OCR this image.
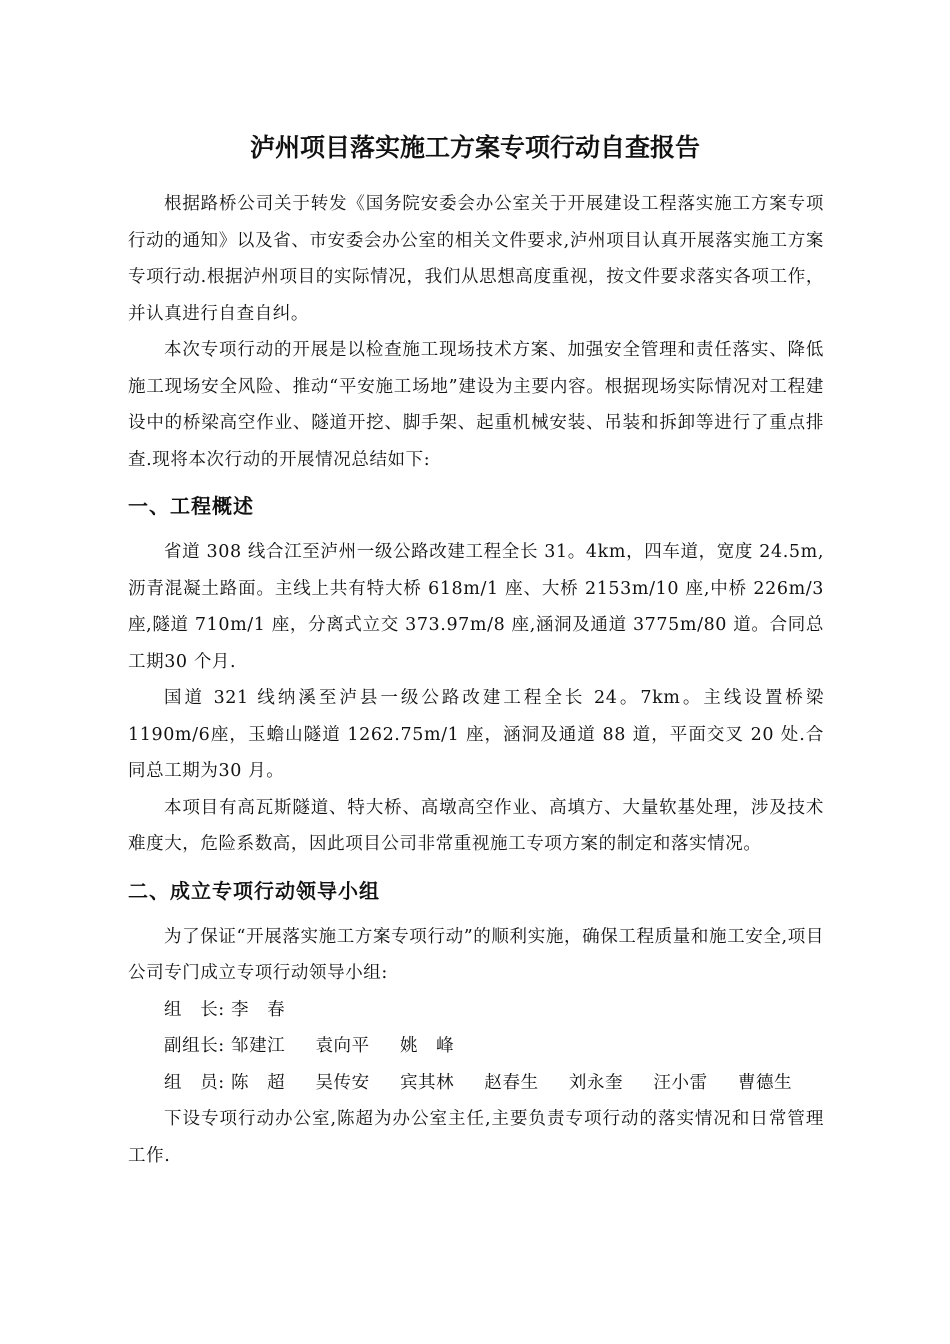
泸州项目落实施工方案专项行动自查报告

根据路桥公司关于转发《国务院安委会办公室关于开展建设工程落实施工方案专项行动的通知》以及省、市安委会办公室的相关文件要求,泸州项目认真开展落实施工方案专项行动.根据泸州项目的实际情况，我们从思想高度重视，按文件要求落实各项工作，并认真进行自查自纠。

本次专项行动的开展是以检查施工现场技术方案、加强安全管理和责任落实、降低施工现场安全风险、推动“平安施工场地”建设为主要内容。根据现场实际情况对工程建设中的桥梁高空作业、隧道开挖、脚手架、起重机械安装、吊装和拆卸等进行了重点排查.现将本次行动的开展情况总结如下:

一、工程概述

省道 308 线合江至泸州一级公路改建工程全长 31。4km，四车道，宽度 24.5m,沥青混凝土路面。主线上共有特大桥 618m/1 座、大桥 2153m/10 座,中桥 226m/3 座,隧道 710m/1 座，分离式立交 373.97m/8 座,涵洞及通道 3775m/80 道。合同总工期30 个月.

国道 321 线纳溪至泸县一级公路改建工程全长 24。7km。主线设置桥梁 1190m/6座，玉蟾山隧道 1262.75m/1 座，涵洞及通道 88 道，平面交叉 20 处.合同总工期为30 月。

本项目有高瓦斯隧道、特大桥、高墩高空作业、高填方、大量软基处理，涉及技术难度大，危险系数高，因此项目公司非常重视施工专项方案的制定和落实情况。

二、成立专项行动领导小组

为了保证“开展落实施工方案专项行动”的顺利实施，确保工程质量和施工安全,项目公司专门成立专项行动领导小组:

组　长: 李　春
副组长: 邹建江 袁向平 姚　峰
组　员: 陈　超 吴传安 宾其林 赵春生 刘永奎 汪小雷 曹德生

下设专项行动办公室,陈超为办公室主任,主要负责专项行动的落实情况和日常管理工作.
